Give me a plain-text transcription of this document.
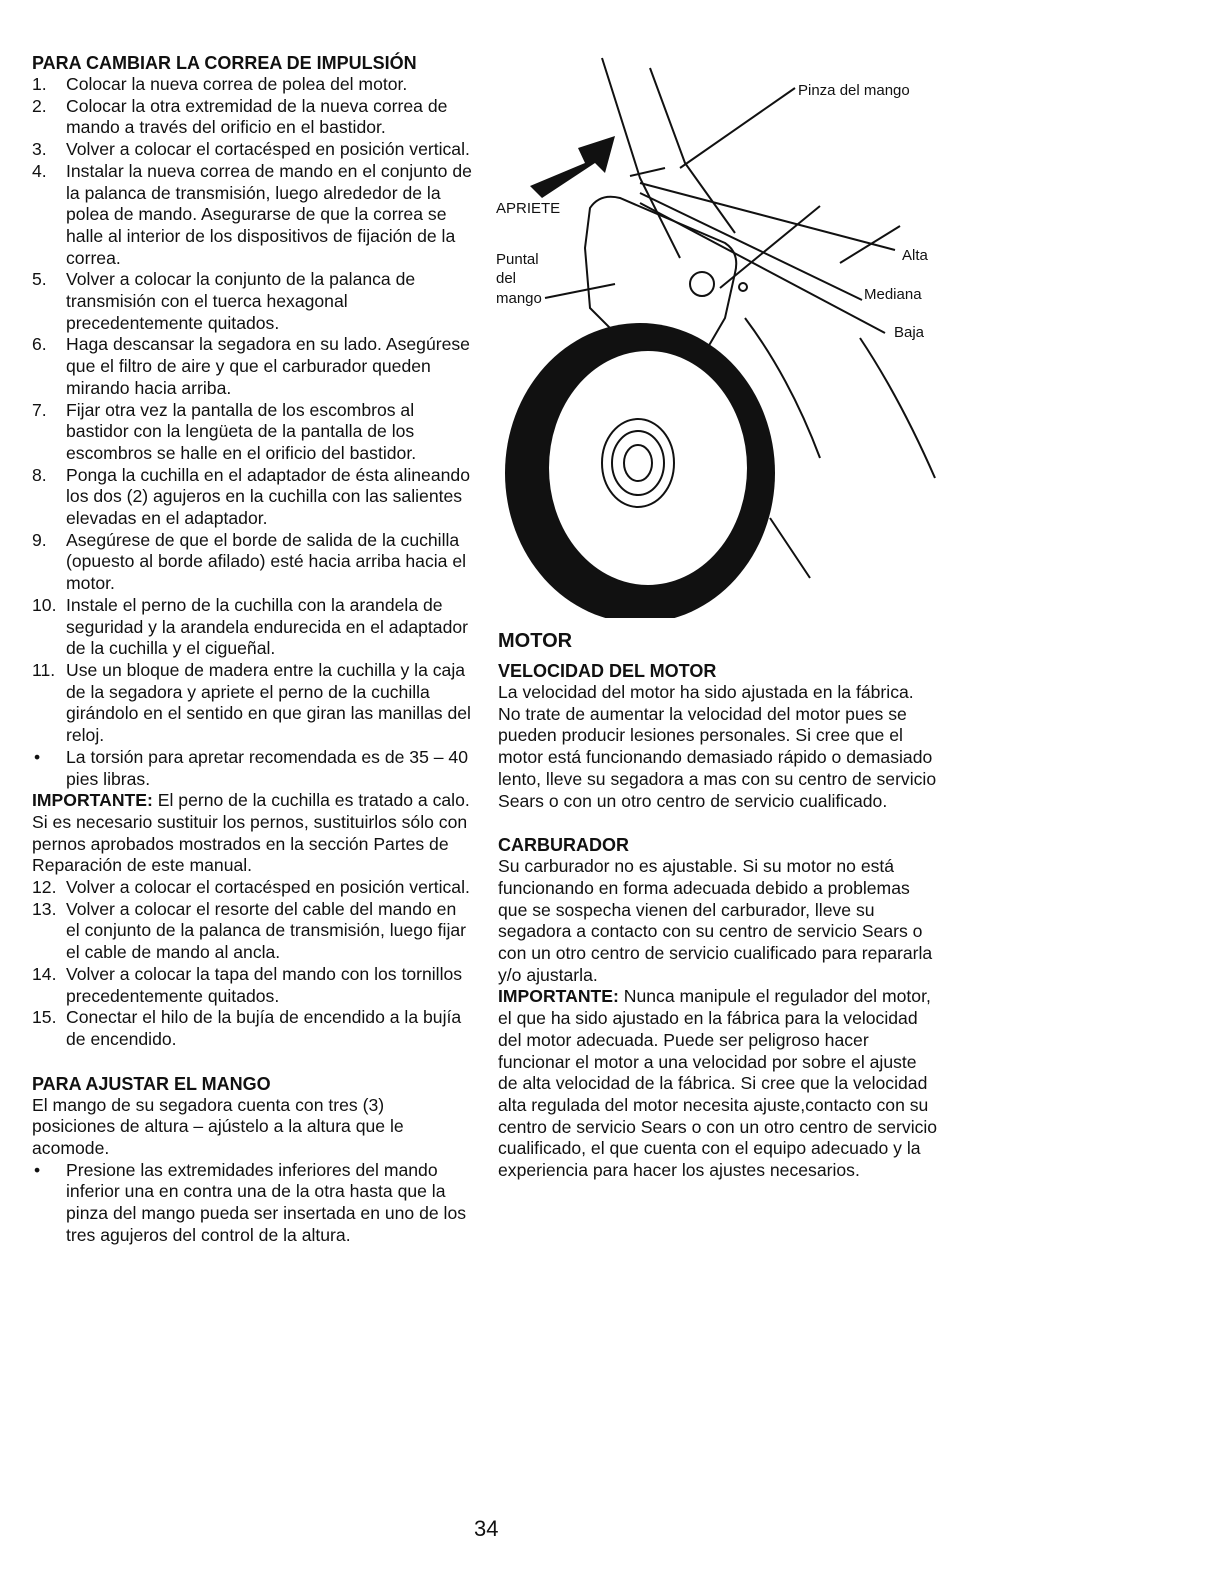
PARA CAMBIAR LA CORREA DE IMPULSIÓN
1. Colocar la nueva correa de polea del motor.
2. Colocar la otra extremidad de la nueva correa de mando a través del orificio en el bastidor.
3. Volver a colocar el cortacésped en posición vertical.
4. Instalar la nueva correa de mando en el conjunto de la palanca de transmisión, luego alrededor de la polea de mando. Asegurarse de que la correa se halle al interior de los dispositivos de fijación de la correa.
5. Volver a colocar la conjunto de la palanca de transmisión con el tuerca hexagonal precedentemente quitados.
6. Haga descansar la segadora en su lado. Asegúrese que el filtro de aire y que el carburador queden mirando hacia arriba.
7. Fijar otra vez la pantalla de los escombros al bastidor con la lengüeta de la pantalla de los escombros se halle en el orificio del bastidor.
8. Ponga la cuchilla en el adaptador de ésta alineando los dos (2) agujeros en la cuchilla con las salientes elevadas en el adaptador.
9. Asegúrese de que el borde de salida de la cuchilla (opuesto al borde afilado) esté hacia arriba hacia el motor.
10. Instale el perno de la cuchilla con la arandela de seguridad y la arandela endurecida en el adaptador de la cuchilla y el cigueñal.
11. Use un bloque de madera entre la cuchilla y la caja de la segadora y apriete el perno de la cuchilla girándolo en el sentido en que giran las manillas del reloj.
• La torsión para apretar recomendada es de 35 – 40 pies libras.

IMPORTANTE: El perno de la cuchilla es tratado a calo. Si es necesario sustituir los pernos, sustituirlos sólo con pernos aprobados mostrados en la sección Partes de Reparación de este manual.

12. Volver a colocar el cortacésped en posición vertical.
13. Volver a colocar el resorte del cable del mando en el conjunto de la palanca de transmisión, luego fijar el cable de mando al ancla.
14. Volver a colocar la tapa del mando con los tornillos precedentemente quitados.
15. Conectar el hilo de la bujía de encendido a la bujía de encendido.
PARA AJUSTAR EL MANGO

El mango de su segadora cuenta con tres (3) posiciones de altura – ajústelo a la altura que le acomode.

• Presione las extremidades inferiores del mando inferior una en contra una de la otra hasta que la pinza del mango pueda ser insertada en uno de los tres agujeros del control de la altura.
Pinza del mango
APRIETE
Puntal
del
mango
Alta
Mediana
Baja
MOTOR
VELOCIDAD DEL MOTOR

La velocidad del motor ha sido ajustada en la fábrica. No trate de aumentar la velocidad del motor pues se pueden producir lesiones personales. Si cree que el motor está funcionando demasiado rápido o demasiado lento, lleve su segadora a mas con su centro de servicio Sears o con un otro centro de servicio cualificado.

CARBURADOR

Su carburador no es ajustable. Si su motor no está funcionando en forma adecuada debido a problemas que se sospecha vienen del carburador, lleve su segadora a contacto con su centro de servicio Sears o con un otro centro de servicio cualificado para repararla y/o ajustarla.

IMPORTANTE: Nunca manipule el regulador del motor, el que ha sido ajustado en la fábrica para la velocidad del motor adecuada. Puede ser peligroso hacer funcionar el motor a una velocidad por sobre el ajuste de alta velocidad de la fábrica. Si cree que la velocidad alta regulada del motor necesita ajuste,contacto con su centro de servicio Sears o con un otro centro de servicio cualificado, el que cuenta con el equipo adecuado y la experiencia para hacer los ajustes necesarios.

34
